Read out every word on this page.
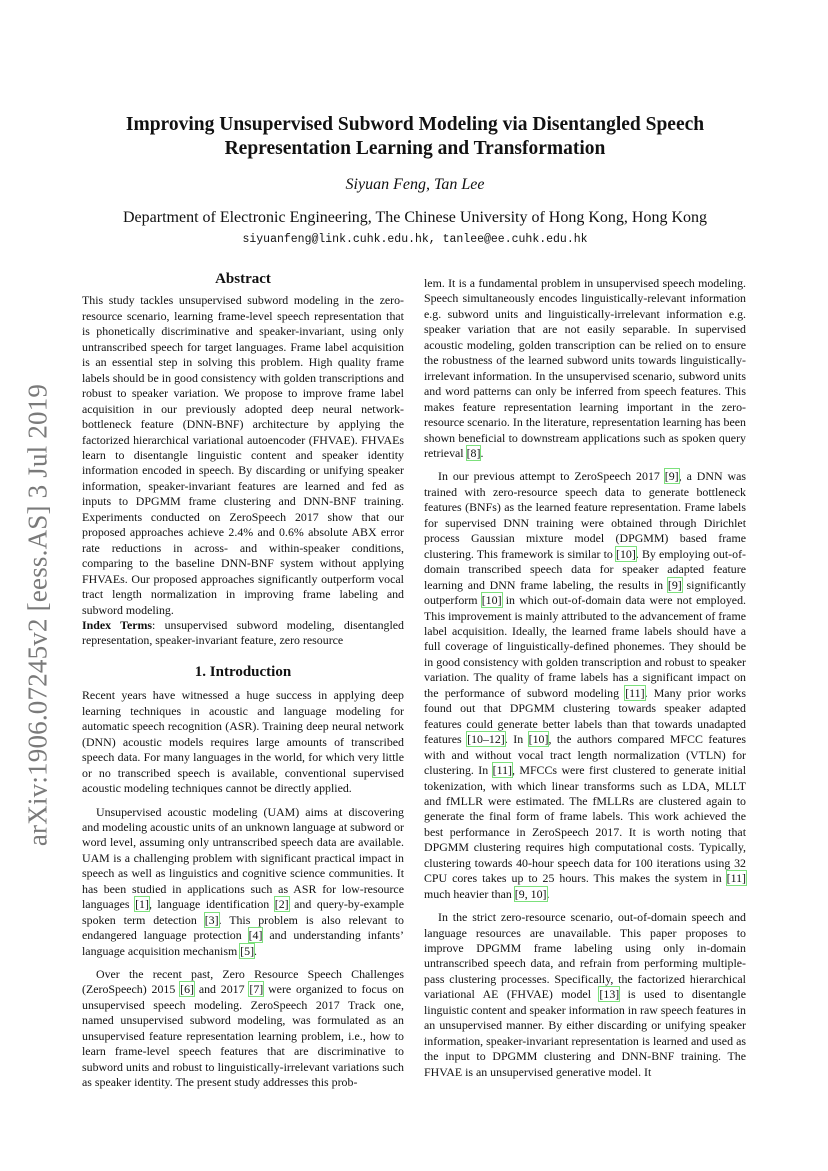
arXiv:1906.07245v2 [eess.AS] 3 Jul 2019
Improving Unsupervised Subword Modeling via Disentangled Speech
Representation Learning and Transformation
Siyuan Feng, Tan Lee
Department of Electronic Engineering, The Chinese University of Hong Kong, Hong Kong
siyuanfeng@link.cuhk.edu.hk, tanlee@ee.cuhk.edu.hk
Abstract

This study tackles unsupervised subword modeling in the zero-resource scenario, learning frame-level speech representation that is phonetically discriminative and speaker-invariant, using only untranscribed speech for target languages. Frame label acquisition is an essential step in solving this problem. High quality frame labels should be in good consistency with golden transcriptions and robust to speaker variation. We propose to improve frame label acquisition in our previously adopted deep neural network-bottleneck feature (DNN-BNF) architecture by applying the factorized hierarchical variational autoencoder (FHVAE). FHVAEs learn to disentangle linguistic content and speaker identity information encoded in speech. By discarding or unifying speaker information, speaker-invariant features are learned and fed as inputs to DPGMM frame clustering and DNN-BNF training. Experiments conducted on ZeroSpeech 2017 show that our proposed approaches achieve 2.4% and 0.6% absolute ABX error rate reductions in across- and within-speaker conditions, comparing to the baseline DNN-BNF system without applying FHVAEs. Our proposed approaches significantly outperform vocal tract length normalization in improving frame labeling and subword modeling.

Index Terms: unsupervised subword modeling, disentangled representation, speaker-invariant feature, zero resource

1. Introduction

Recent years have witnessed a huge success in applying deep learning techniques in acoustic and language modeling for automatic speech recognition (ASR). Training deep neural network (DNN) acoustic models requires large amounts of transcribed speech data. For many languages in the world, for which very little or no transcribed speech is available, conventional supervised acoustic modeling techniques cannot be directly applied.

Unsupervised acoustic modeling (UAM) aims at discovering and modeling acoustic units of an unknown language at subword or word level, assuming only untranscribed speech data are available. UAM is a challenging problem with significant practical impact in speech as well as linguistics and cognitive science communities. It has been studied in applications such as ASR for low-resource languages [1], language identification [2] and query-by-example spoken term detection [3]. This problem is also relevant to endangered language protection [4] and understanding infants’ language acquisition mechanism [5].

Over the recent past, Zero Resource Speech Challenges (ZeroSpeech) 2015 [6] and 2017 [7] were organized to focus on unsupervised speech modeling. ZeroSpeech 2017 Track one, named unsupervised subword modeling, was formulated as an unsupervised feature representation learning problem, i.e., how to learn frame-level speech features that are discriminative to subword units and robust to linguistically-irrelevant variations such as speaker identity. The present study addresses this prob-

lem. It is a fundamental problem in unsupervised speech modeling. Speech simultaneously encodes linguistically-relevant information e.g. subword units and linguistically-irrelevant information e.g. speaker variation that are not easily separable. In supervised acoustic modeling, golden transcription can be relied on to ensure the robustness of the learned subword units towards linguistically-irrelevant information. In the unsupervised scenario, subword units and word patterns can only be inferred from speech features. This makes feature representation learning important in the zero-resource scenario. In the literature, representation learning has been shown beneficial to downstream applications such as spoken query retrieval [8].

In our previous attempt to ZeroSpeech 2017 [9], a DNN was trained with zero-resource speech data to generate bottleneck features (BNFs) as the learned feature representation. Frame labels for supervised DNN training were obtained through Dirichlet process Gaussian mixture model (DPGMM) based frame clustering. This framework is similar to [10]. By employing out-of-domain transcribed speech data for speaker adapted feature learning and DNN frame labeling, the results in [9] significantly outperform [10] in which out-of-domain data were not employed. This improvement is mainly attributed to the advancement of frame label acquisition. Ideally, the learned frame labels should have a full coverage of linguistically-defined phonemes. They should be in good consistency with golden transcription and robust to speaker variation. The quality of frame labels has a significant impact on the performance of subword modeling [11]. Many prior works found out that DPGMM clustering towards speaker adapted features could generate better labels than that towards unadapted features [10–12]. In [10], the authors compared MFCC features with and without vocal tract length normalization (VTLN) for clustering. In [11], MFCCs were first clustered to generate initial tokenization, with which linear transforms such as LDA, MLLT and fMLLR were estimated. The fMLLRs are clustered again to generate the final form of frame labels. This work achieved the best performance in ZeroSpeech 2017. It is worth noting that DPGMM clustering requires high computational costs. Typically, clustering towards 40-hour speech data for 100 iterations using 32 CPU cores takes up to 25 hours. This makes the system in [11] much heavier than [9, 10].

In the strict zero-resource scenario, out-of-domain speech and language resources are unavailable. This paper proposes to improve DPGMM frame labeling using only in-domain untranscribed speech data, and refrain from performing multiple-pass clustering processes. Specifically, the factorized hierarchical variational AE (FHVAE) model [13] is used to disentangle linguistic content and speaker information in raw speech features in an unsupervised manner. By either discarding or unifying speaker information, speaker-invariant representation is learned and used as the input to DPGMM clustering and DNN-BNF training. The FHVAE is an unsupervised generative model. It
